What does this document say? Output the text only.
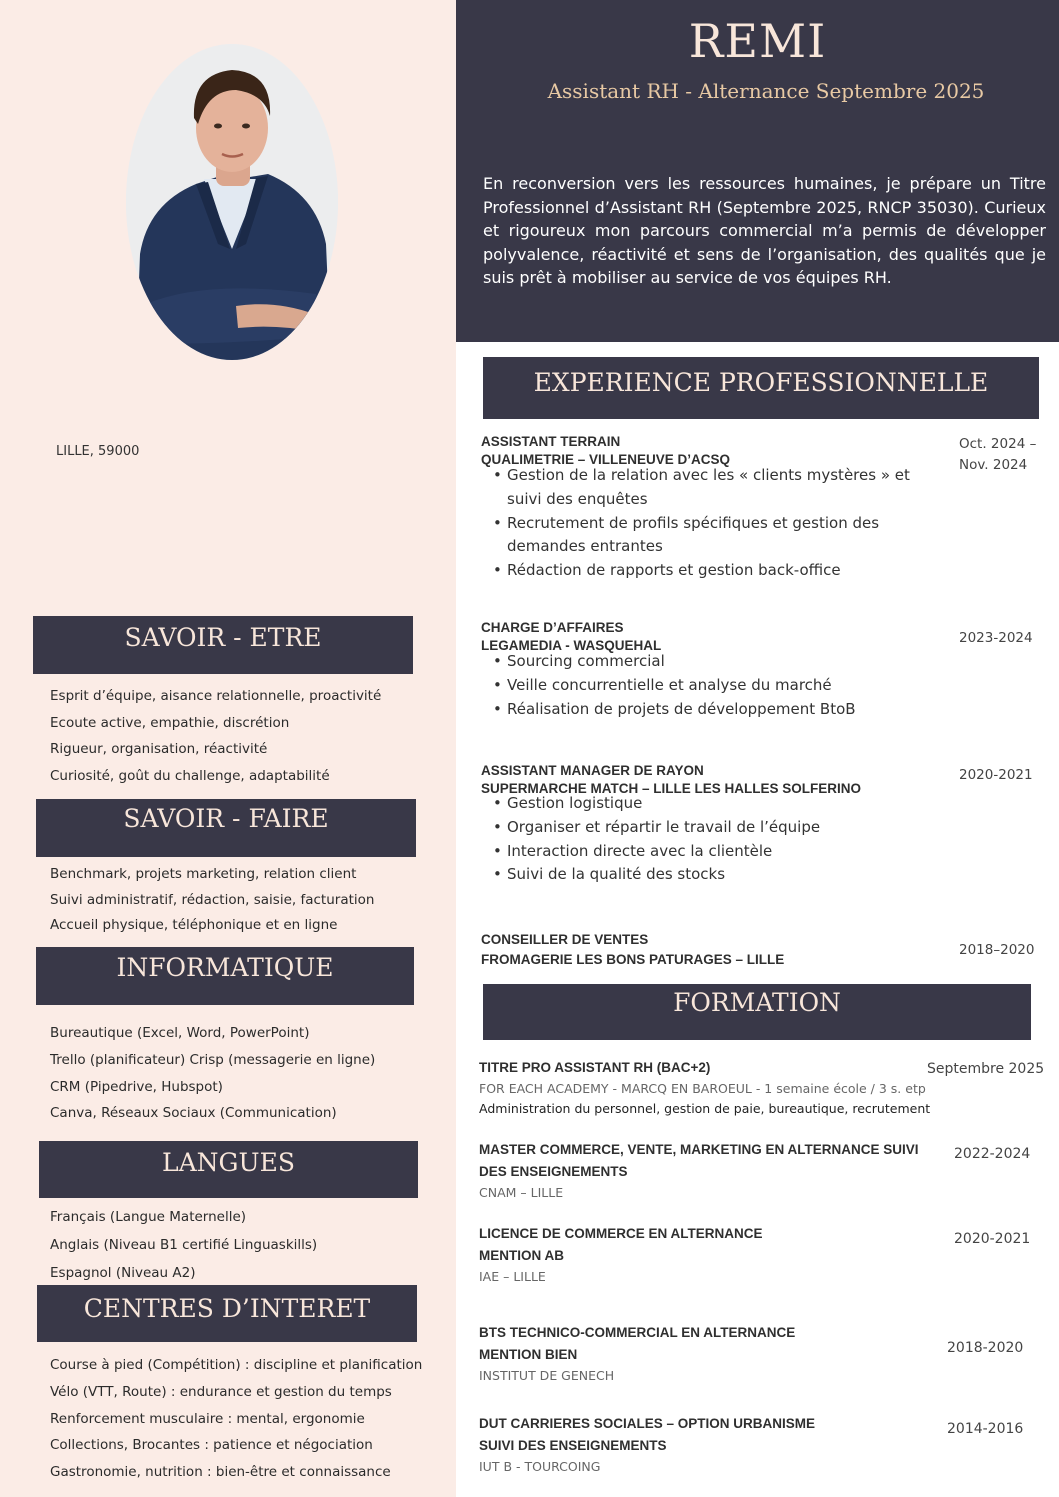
REMI
Assistant RH - Alternance Septembre 2025
En reconversion vers les ressources humaines, je prépare un Titre Professionnel d’Assistant RH (Septembre 2025, RNCP 35030). Curieux et rigoureux mon parcours commercial m’a permis de développer polyvalence, réactivité et sens de l’organisation, des qualités que je suis prêt à mobiliser au service de vos équipes RH.
LILLE, 59000
SAVOIR - ETRE
Esprit d’équipe, aisance relationnelle, proactivité
Ecoute active, empathie, discrétion
Rigueur, organisation, réactivité
Curiosité, goût du challenge, adaptabilité
SAVOIR - FAIRE
Benchmark, projets marketing, relation client
Suivi administratif, rédaction, saisie, facturation
Accueil physique, téléphonique et en ligne
INFORMATIQUE
Bureautique (Excel, Word, PowerPoint)
Trello (planificateur) Crisp (messagerie en ligne)
CRM (Pipedrive, Hubspot)
Canva, Réseaux Sociaux (Communication)
LANGUES
Français (Langue Maternelle)
Anglais (Niveau B1 certifié Linguaskills)
Espagnol (Niveau A2)
CENTRES D’INTERET
Course à pied (Compétition) : discipline et planification
Vélo (VTT, Route) : endurance et gestion du temps
Renforcement musculaire : mental, ergonomie
Collections, Brocantes : patience et négociation
Gastronomie, nutrition : bien-être et connaissance
EXPERIENCE PROFESSIONNELLE
ASSISTANT TERRAIN
QUALIMETRIE – VILLENEUVE D’ACSQ
• Gestion de la relation avec les « clients mystères » et
suivi des enquêtes
• Recrutement de profils spécifiques et gestion des
demandes entrantes
• Rédaction de rapports et gestion back-office
Oct. 2024 –
Nov. 2024
CHARGE D’AFFAIRES
LEGAMEDIA - WASQUEHAL
• Sourcing commercial
• Veille concurrentielle et analyse du marché
• Réalisation de projets de développement BtoB
2023-2024
ASSISTANT MANAGER DE RAYON
SUPERMARCHE MATCH – LILLE LES HALLES SOLFERINO
• Gestion logistique
• Organiser et répartir le travail de l’équipe
• Interaction directe avec la clientèle
• Suivi de la qualité des stocks
2020-2021
CONSEILLER DE VENTES
FROMAGERIE LES BONS PATURAGES – LILLE
2018–2020
FORMATION
TITRE PRO ASSISTANT RH (BAC+2)
FOR EACH ACADEMY - MARCQ EN BAROEUL - 1 semaine école / 3 s. etp
Administration du personnel, gestion de paie, bureautique, recrutement
Septembre 2025
MASTER COMMERCE, VENTE, MARKETING EN ALTERNANCE SUIVI
DES ENSEIGNEMENTS
CNAM – LILLE
2022-2024
LICENCE DE COMMERCE EN ALTERNANCE
MENTION AB
IAE – LILLE
2020-2021
BTS TECHNICO-COMMERCIAL EN ALTERNANCE
MENTION BIEN
INSTITUT DE GENECH
2018-2020
DUT CARRIERES SOCIALES – OPTION URBANISME
SUIVI DES ENSEIGNEMENTS
IUT B - TOURCOING
2014-2016
